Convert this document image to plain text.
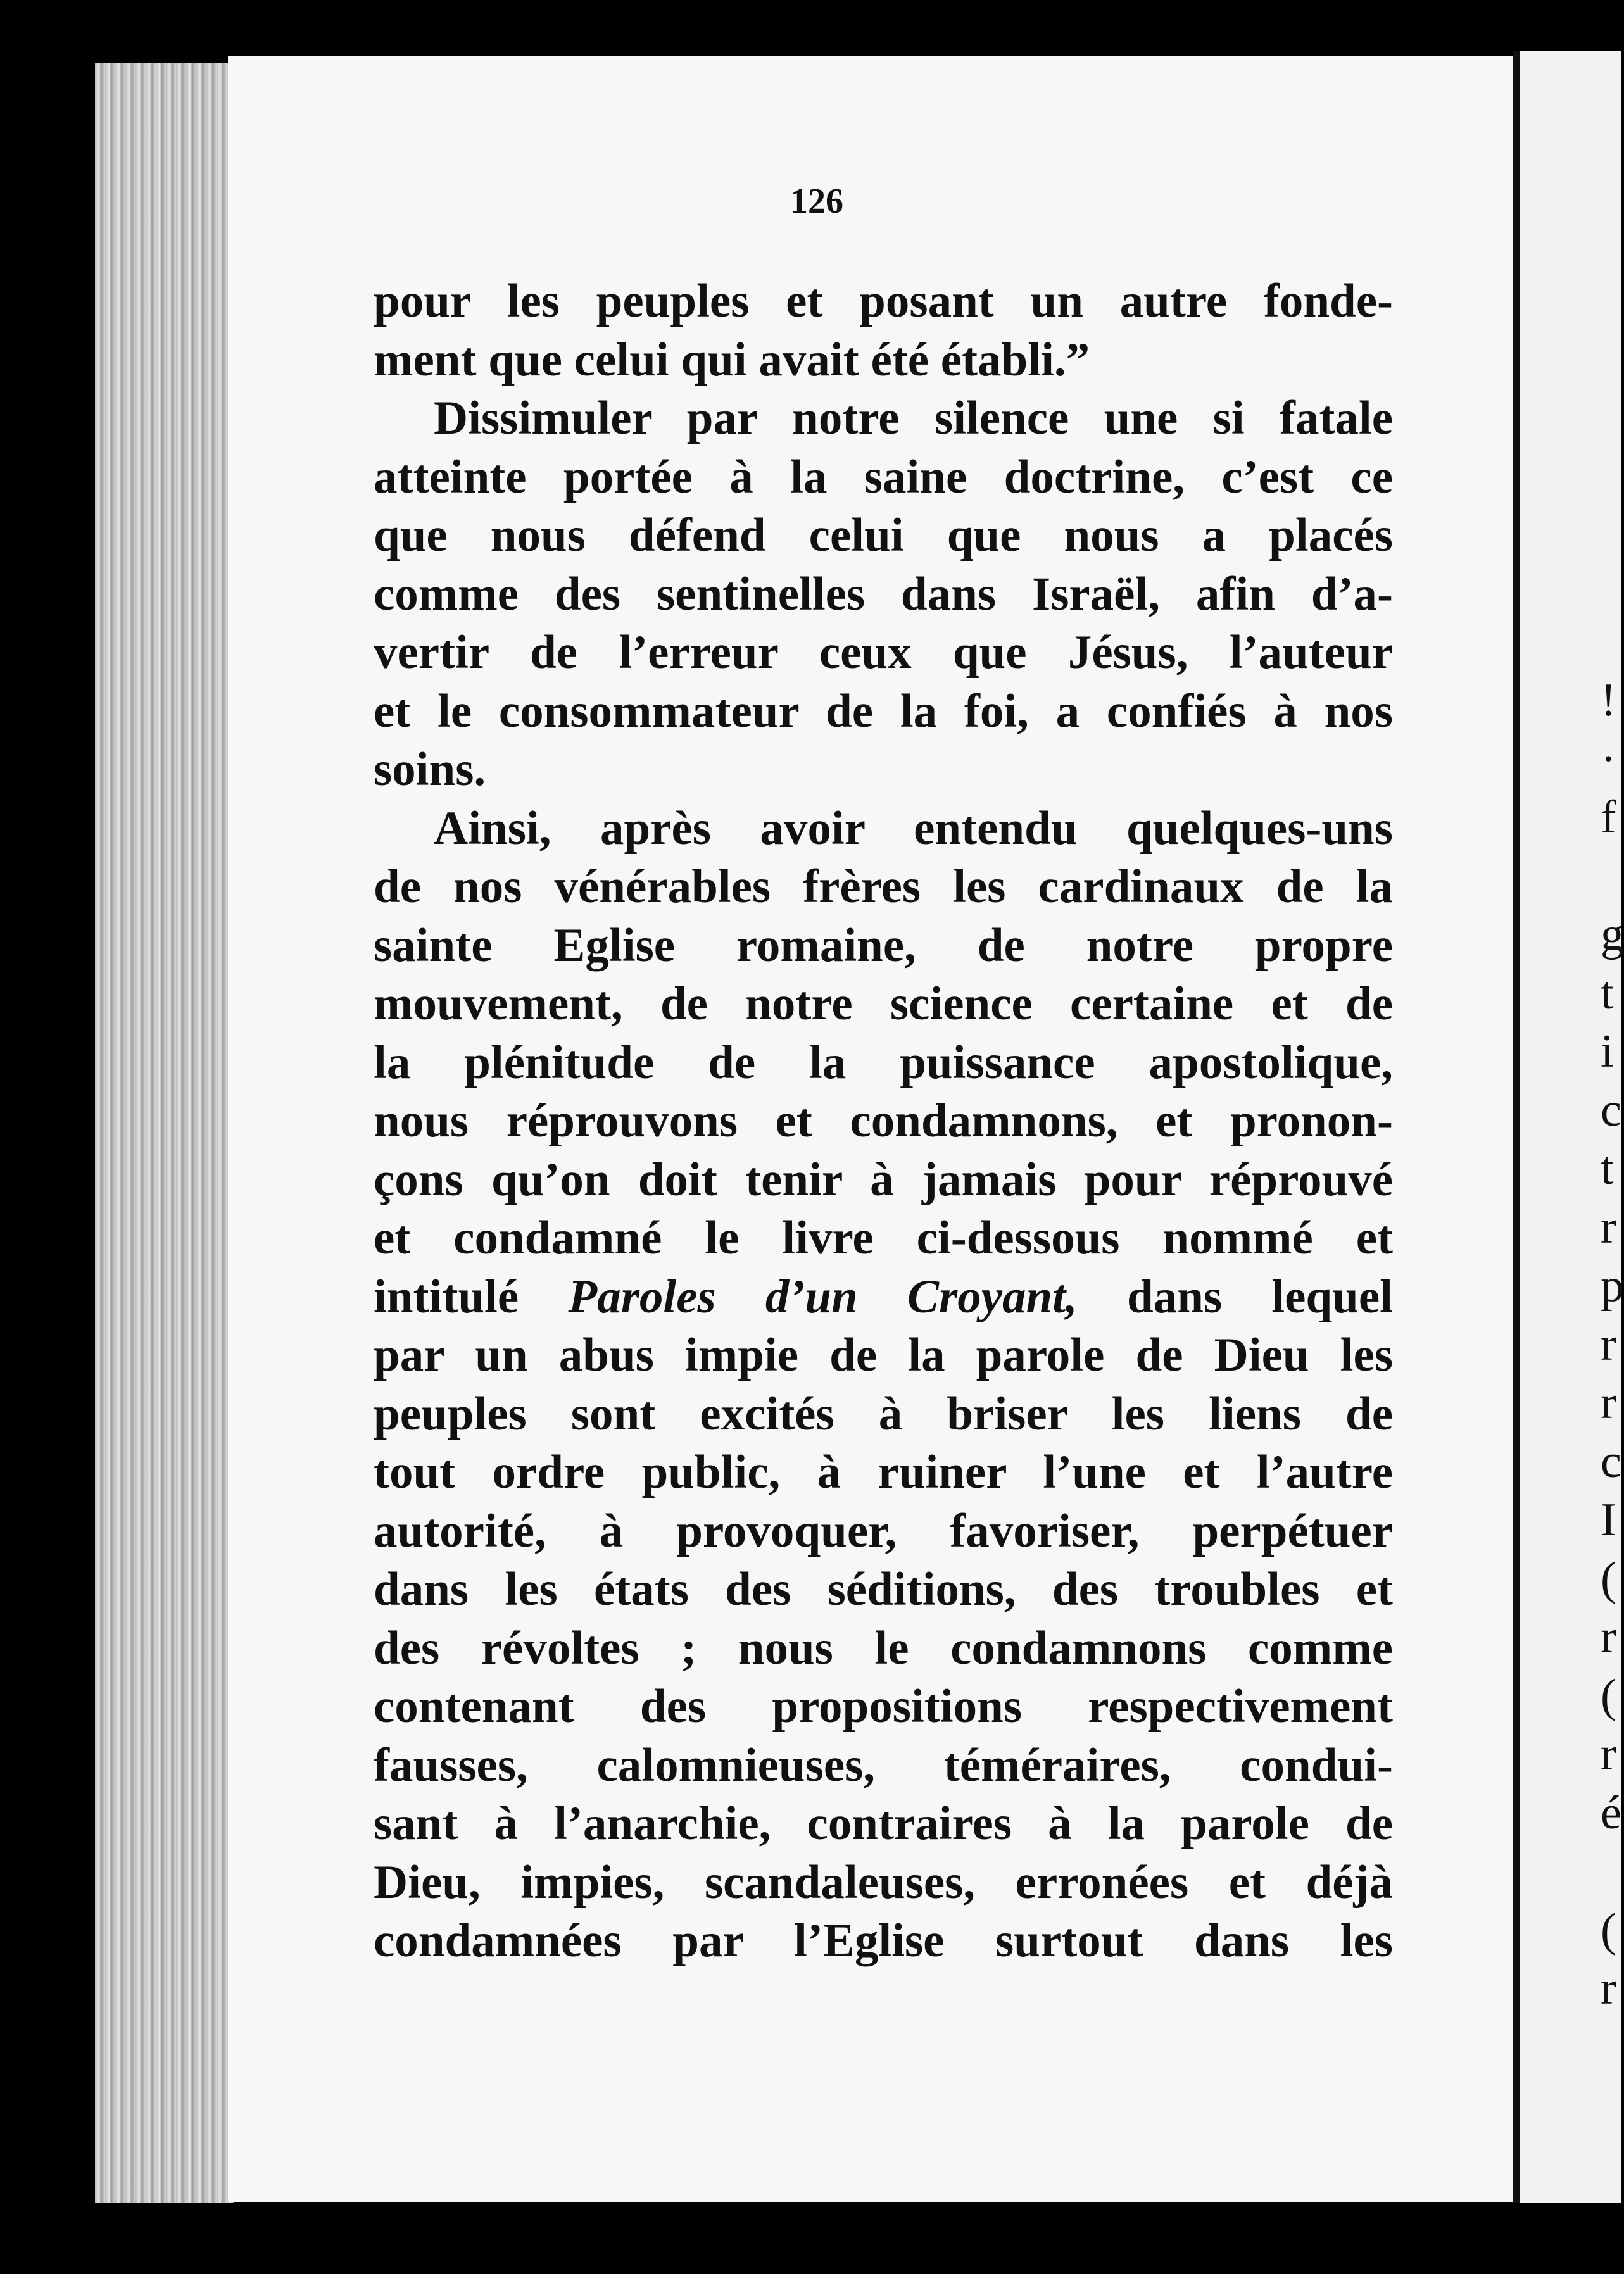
!
·
f
g
t
i
c
t
r
p
r
r
c
I
(
r
(
r
é
(
r
126
pour les peuples et posant un autre fonde-
ment que celui qui avait été établi.”
Dissimuler par notre silence une si fatale
atteinte portée à la saine doctrine, c’est ce
que nous défend celui que nous a placés
comme des sentinelles dans Israël, afin d’a-
vertir de l’erreur ceux que Jésus, l’auteur
et le consommateur de la foi, a confiés à nos
soins.
Ainsi, après avoir entendu quelques-uns
de nos vénérables frères les cardinaux de la
sainte Eglise romaine, de notre propre
mouvement, de notre science certaine et de
la plénitude de la puissance apostolique,
nous réprouvons et condamnons, et pronon-
çons qu’on doit tenir à jamais pour réprouvé
et condamné le livre ci-dessous nommé et
intitulé Paroles d’un Croyant, dans lequel
par un abus impie de la parole de Dieu les
peuples sont excités à briser les liens de
tout ordre public, à ruiner l’une et l’autre
autorité, à provoquer, favoriser, perpétuer
dans les états des séditions, des troubles et
des révoltes ; nous le condamnons comme
contenant des propositions respectivement
fausses, calomnieuses, téméraires, condui-
sant à l’anarchie, contraires à la parole de
Dieu, impies, scandaleuses, erronées et déjà
condamnées par l’Eglise surtout dans les
